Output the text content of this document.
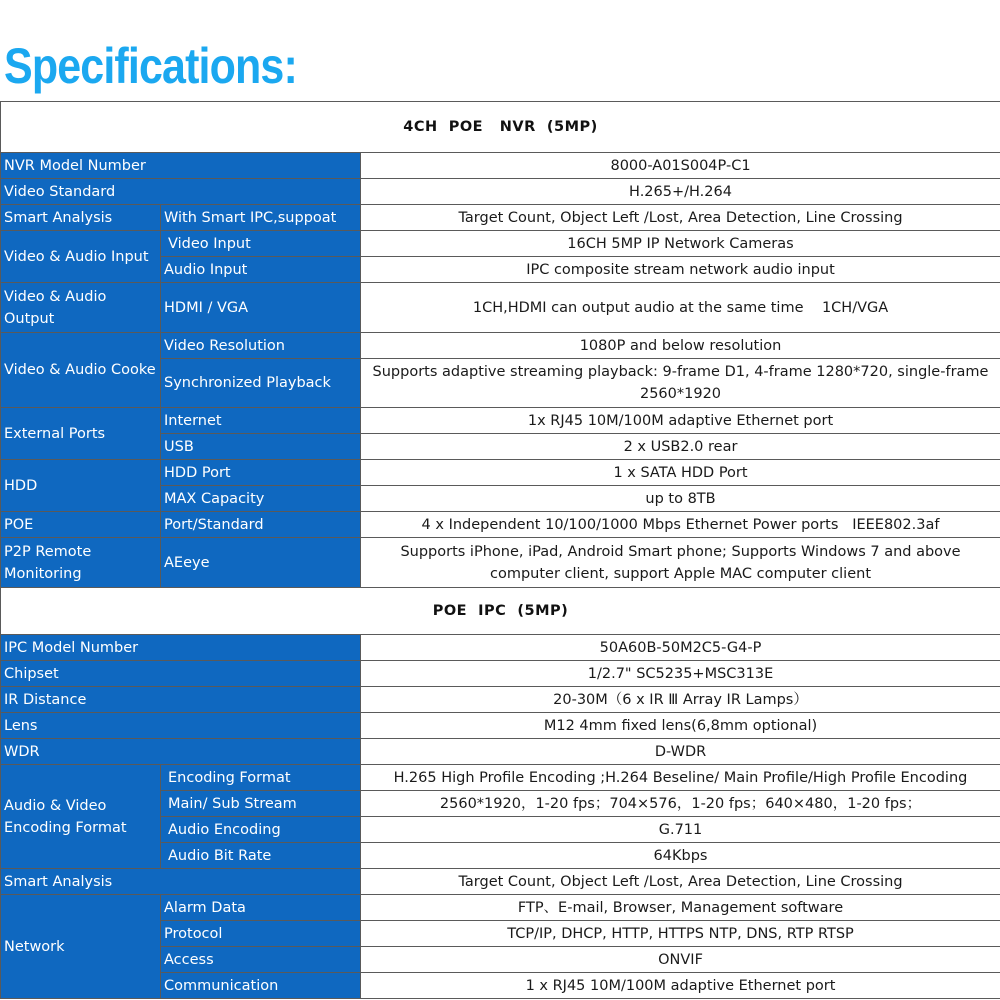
Specifications:
4CH  POE   NVR  (5MP)		
NVR Model Number		8000-A01S004P-C1
Video Standard		H.265+/H.264
Smart Analysis	With Smart IPC,suppoat	Target Count, Object Left /Lost, Area Detection, Line Crossing
Video & Audio Input	Video Input	16CH 5MP IP Network Cameras
	Audio Input	IPC composite stream network audio input
Video & Audio Output	HDMI / VGA	1CH,HDMI can output audio at the same time    1CH/VGA
Video & Audio Cooke	Video Resolution	1080P and below resolution
	Synchronized Playback	Supports adaptive streaming playback: 9-frame D1, 4-frame 1280*720, single-frame 2560*1920
External Ports	Internet	1x RJ45 10M/100M adaptive Ethernet port
	USB	2 x USB2.0 rear
HDD	HDD Port	1 x SATA HDD Port
	MAX Capacity	up to 8TB
POE	Port/Standard	4 x Independent 10/100/1000 Mbps Ethernet Power ports   IEEE802.3af
P2P Remote Monitoring	AEeye	Supports iPhone, iPad, Android Smart phone; Supports Windows 7 and above computer client, support Apple MAC computer client
POE  IPC  (5MP)		
IPC Model Number		50A60B-50M2C5-G4-P
Chipset		1/2.7" SC5235+MSC313E
IR Distance		20-30M（6 x IR Ⅲ Array IR Lamps）
Lens		M12 4mm fixed lens(6,8mm optional)
WDR		D-WDR
Audio & Video Encoding Format	Encoding Format	H.265 High Profile Encoding ;H.264 Beseline/ Main Profile/High Profile Encoding
	Main/ Sub Stream	2560*1920，1-20 fps；704×576，1-20 fps；640×480，1-20 fps；
	Audio Encoding	G.711
	Audio Bit Rate	64Kbps
Smart Analysis		Target Count, Object Left /Lost, Area Detection, Line Crossing
Network	Alarm Data	FTP、E-mail, Browser, Management software
	Protocol	TCP/IP, DHCP, HTTP, HTTPS NTP, DNS, RTP RTSP
	Access	ONVIF
	Communication	1 x RJ45 10M/100M adaptive Ethernet port
